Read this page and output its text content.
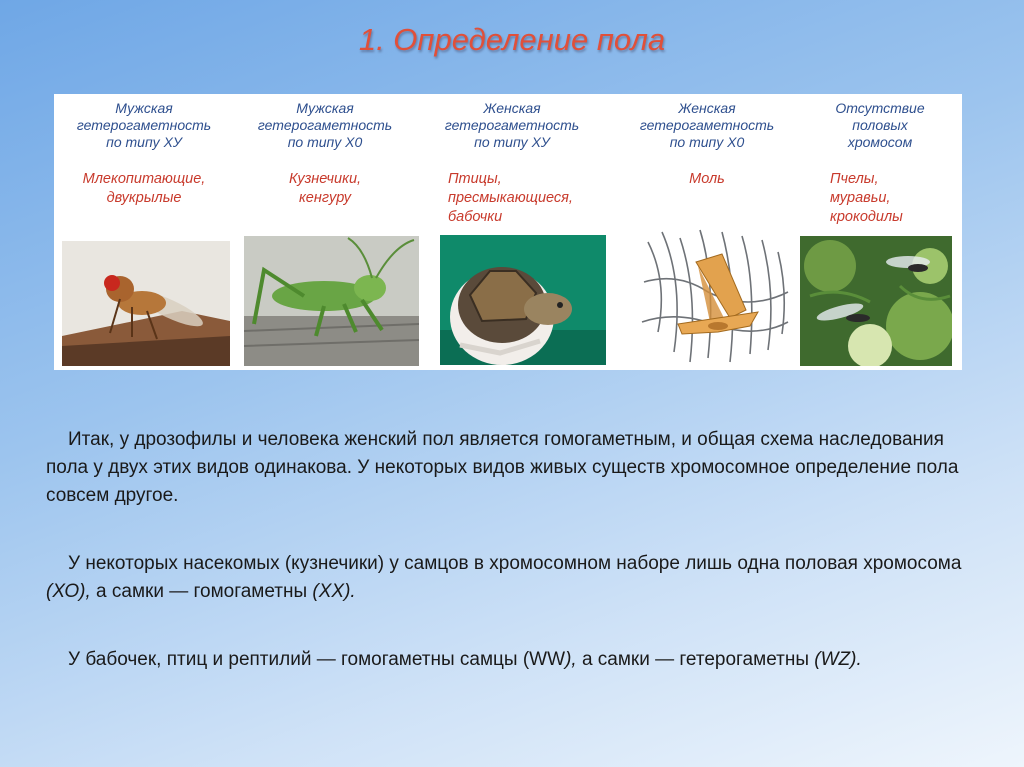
1. Определение пола
Мужская
гетерогаметность
по типу ХУ
Млекопитающие,
двукрылые
Мужская
гетерогаметность
по типу Х0
Кузнечики,
кенгуру
Женская
гетерогаметность
по типу ХУ
Птицы,
пресмыкающиеся,
бабочки
Женская
гетерогаметность
по типу Х0
Моль
Отсутствие
половых
хромосом
Пчелы,
муравьи,
крокодилы
Итак, у дрозофилы и человека женский пол является гомогаметным, и общая схема наследования пола у двух этих видов одинакова. У некоторых видов живых существ хромосомное определение пола совсем другое.
У некоторых насекомых (кузнечики) у самцов в хромосомном наборе лишь одна половая хромосома (ХО), а самки — гомогаметны (XX).
У бабочек, птиц и рептилий — гомогаметны самцы (WW), а самки — гетерогаметны (WZ).
